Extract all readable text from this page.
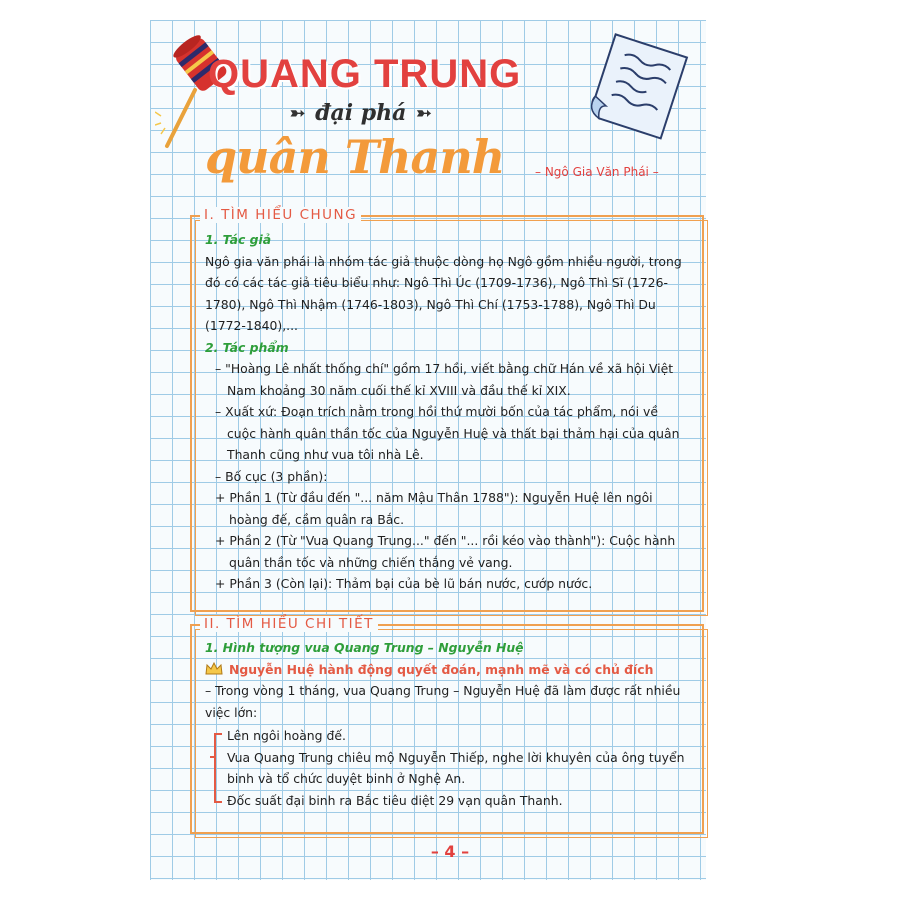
QUANG TRUNG
➳ đại phá ➳
quân Thanh	– Ngô Gia Văn Phái –
I. TÌM HIỂU CHUNG

1. Tác giả

Ngô gia văn phái là nhóm tác giả thuộc dòng họ Ngô gồm nhiều người, trong đó có các tác giả tiêu biểu như: Ngô Thì Úc (1709-1736), Ngô Thì Sĩ (1726-1780), Ngô Thì Nhậm (1746-1803), Ngô Thì Chí (1753-1788), Ngô Thì Du (1772-1840),...

2. Tác phẩm

– "Hoàng Lê nhất thống chí" gồm 17 hồi, viết bằng chữ Hán về xã hội Việt Nam khoảng 30 năm cuối thế kỉ XVIII và đầu thế kỉ XIX.

– Xuất xứ: Đoạn trích nằm trong hồi thứ mười bốn của tác phẩm, nói về cuộc hành quân thần tốc của Nguyễn Huệ và thất bại thảm hại của quân Thanh cũng như vua tôi nhà Lê.

– Bố cục (3 phần):

+ Phần 1 (Từ đầu đến "... năm Mậu Thân 1788"): Nguyễn Huệ lên ngôi hoàng đế, cầm quân ra Bắc.

+ Phần 2 (Từ "Vua Quang Trung..." đến "... rồi kéo vào thành"): Cuộc hành quân thần tốc và những chiến thắng vẻ vang.

+ Phần 3 (Còn lại): Thảm bại của bè lũ bán nước, cướp nước.

II. TÌM HIỂU CHI TIẾT

1. Hình tượng vua Quang Trung – Nguyễn Huệ

Nguyễn Huệ hành động quyết đoán, mạnh mẽ và có chủ đích

– Trong vòng 1 tháng, vua Quang Trung – Nguyễn Huệ đã làm được rất nhiều việc lớn:

Lên ngôi hoàng đế.

Vua Quang Trung chiêu mộ Nguyễn Thiếp, nghe lời khuyên của ông tuyển binh và tổ chức duyệt binh ở Nghệ An.

Đốc suất đại binh ra Bắc tiêu diệt 29 vạn quân Thanh.

– 4 –
